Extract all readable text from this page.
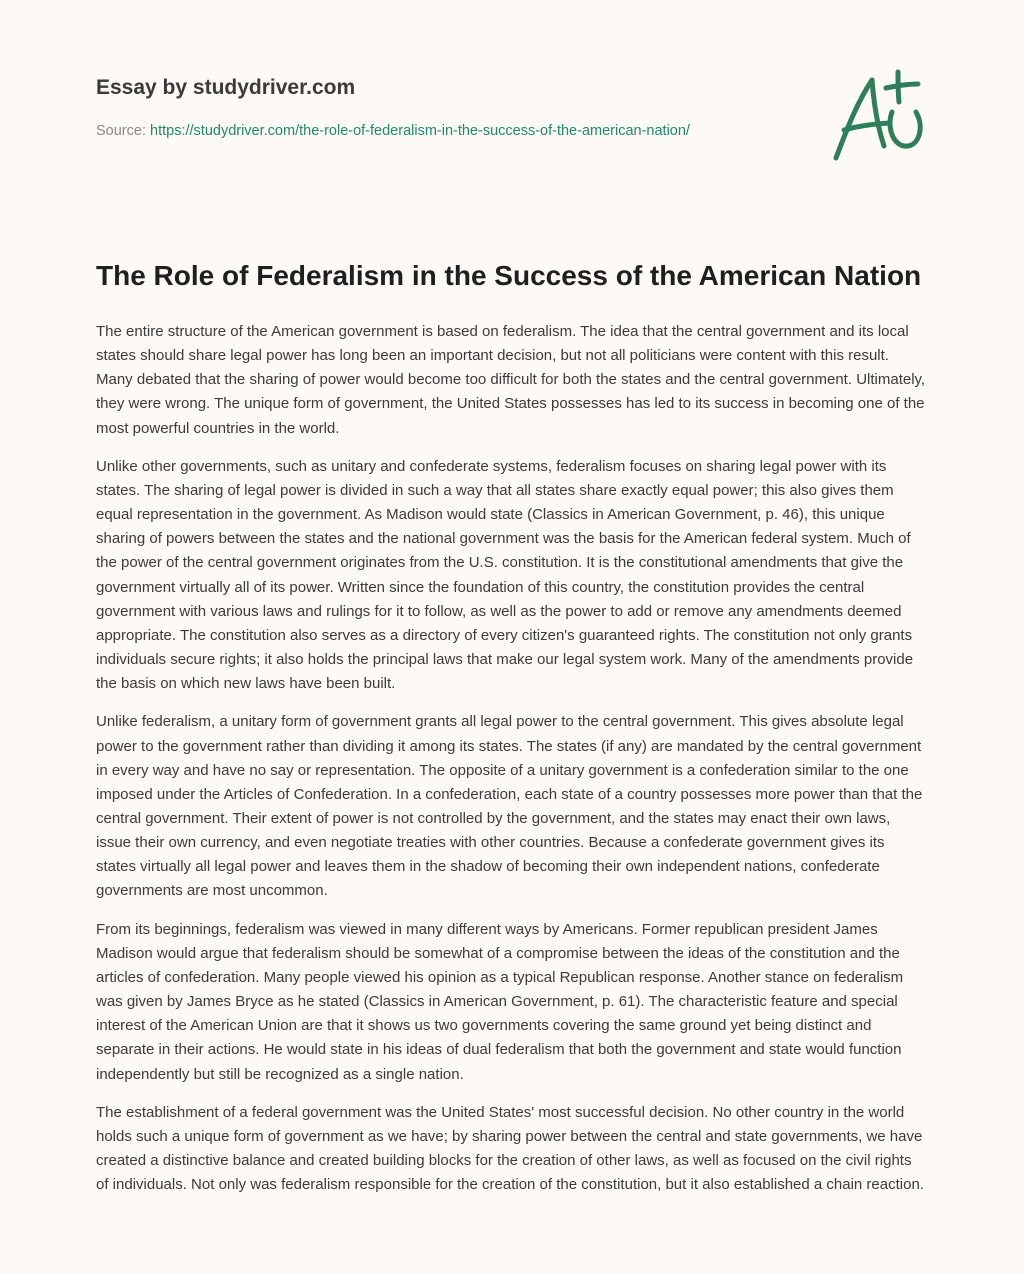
Essay by studydriver.com
Source: https://studydriver.com/the-role-of-federalism-in-the-success-of-the-american-nation/
The Role of Federalism in the Success of the American Nation

The entire structure of the American government is based on federalism. The idea that the central government and its local states should share legal power has long been an important decision, but not all politicians were content with this result. Many debated that the sharing of power would become too difficult for both the states and the central government. Ultimately, they were wrong. The unique form of government, the United States possesses has led to its success in becoming one of the most powerful countries in the world.

Unlike other governments, such as unitary and confederate systems, federalism focuses on sharing legal power with its states. The sharing of legal power is divided in such a way that all states share exactly equal power; this also gives them equal representation in the government. As Madison would state (Classics in American Government, p. 46), this unique sharing of powers between the states and the national government was the basis for the American federal system. Much of the power of the central government originates from the U.S. constitution. It is the constitutional amendments that give the government virtually all of its power. Written since the foundation of this country, the constitution provides the central government with various laws and rulings for it to follow, as well as the power to add or remove any amendments deemed appropriate. The constitution also serves as a directory of every citizen's guaranteed rights. The constitution not only grants individuals secure rights; it also holds the principal laws that make our legal system work. Many of the amendments provide the basis on which new laws have been built.

Unlike federalism, a unitary form of government grants all legal power to the central government. This gives absolute legal power to the government rather than dividing it among its states. The states (if any) are mandated by the central government in every way and have no say or representation. The opposite of a unitary government is a confederation similar to the one imposed under the Articles of Confederation. In a confederation, each state of a country possesses more power than that the central government. Their extent of power is not controlled by the government, and the states may enact their own laws, issue their own currency, and even negotiate treaties with other countries. Because a confederate government gives its states virtually all legal power and leaves them in the shadow of becoming their own independent nations, confederate governments are most uncommon.

From its beginnings, federalism was viewed in many different ways by Americans. Former republican president James Madison would argue that federalism should be somewhat of a compromise between the ideas of the constitution and the articles of confederation. Many people viewed his opinion as a typical Republican response. Another stance on federalism was given by James Bryce as he stated (Classics in American Government, p. 61). The characteristic feature and special interest of the American Union are that it shows us two governments covering the same ground yet being distinct and separate in their actions. He would state in his ideas of dual federalism that both the government and state would function independently but still be recognized as a single nation.

The establishment of a federal government was the United States' most successful decision. No other country in the world holds such a unique form of government as we have; by sharing power between the central and state governments, we have created a distinctive balance and created building blocks for the creation of other laws, as well as focused on the civil rights of individuals. Not only was federalism responsible for the creation of the constitution, but it also established a chain reaction.
